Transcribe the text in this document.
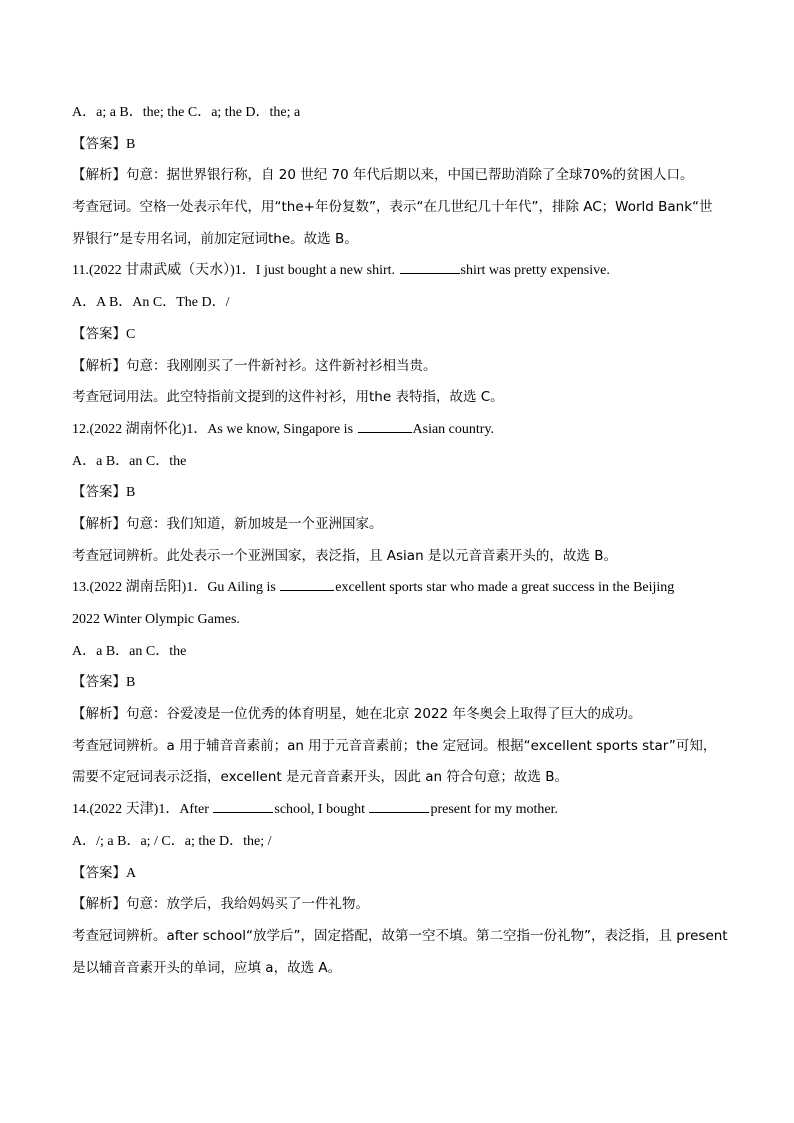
A．a; a B．the; the C．a; the D．the; a
【答案】B
【解析】句意：据世界银行称，自 20 世纪 70 年代后期以来，中国已帮助消除了全球70%的贫困人口。
考查冠词。空格一处表示年代，用“the+年份复数”，表示“在几世纪几十年代”，排除 AC；World Bank“世
界银行”是专用名词，前加定冠词the。故选 B。
11.(2022 甘肃武威（天水）)1．I just bought a new shirt.	shirt was pretty expensive.
A．A B．An C．The D．/
【答案】C
【解析】句意：我刚刚买了一件新衬衫。这件新衬衫相当贵。
考查冠词用法。此空特指前文提到的这件衬衫，用the 表特指，故选 C。
12.(2022 湖南怀化)1．As we know, Singapore is	Asian country.
A．a B．an C．the
【答案】B
【解析】句意：我们知道，新加坡是一个亚洲国家。
考查冠词辨析。此处表示一个亚洲国家，表泛指，且 Asian 是以元音音素开头的，故选 B。
13.(2022 湖南岳阳)1．Gu Ailing is	excellent sports star who made a great success in the Beijing
2022 Winter Olympic Games.
A．a B．an C．the
【答案】B
【解析】句意：谷爱凌是一位优秀的体育明星，她在北京 2022 年冬奥会上取得了巨大的成功。
考查冠词辨析。a 用于辅音音素前；an 用于元音音素前；the 定冠词。根据“excellent sports star”可知，
需要不定冠词表示泛指，excellent 是元音音素开头，因此 an 符合句意；故选 B。
14.(2022 天津)1．After	school, I bought	present for my mother.
A．/; a B．a; / C．a; the D．the; /
【答案】A
【解析】句意：放学后，我给妈妈买了一件礼物。
考查冠词辨析。after school“放学后”，固定搭配，故第一空不填。第二空指一份礼物”，表泛指，且 present
是以辅音音素开头的单词，应填 a，故选 A。
